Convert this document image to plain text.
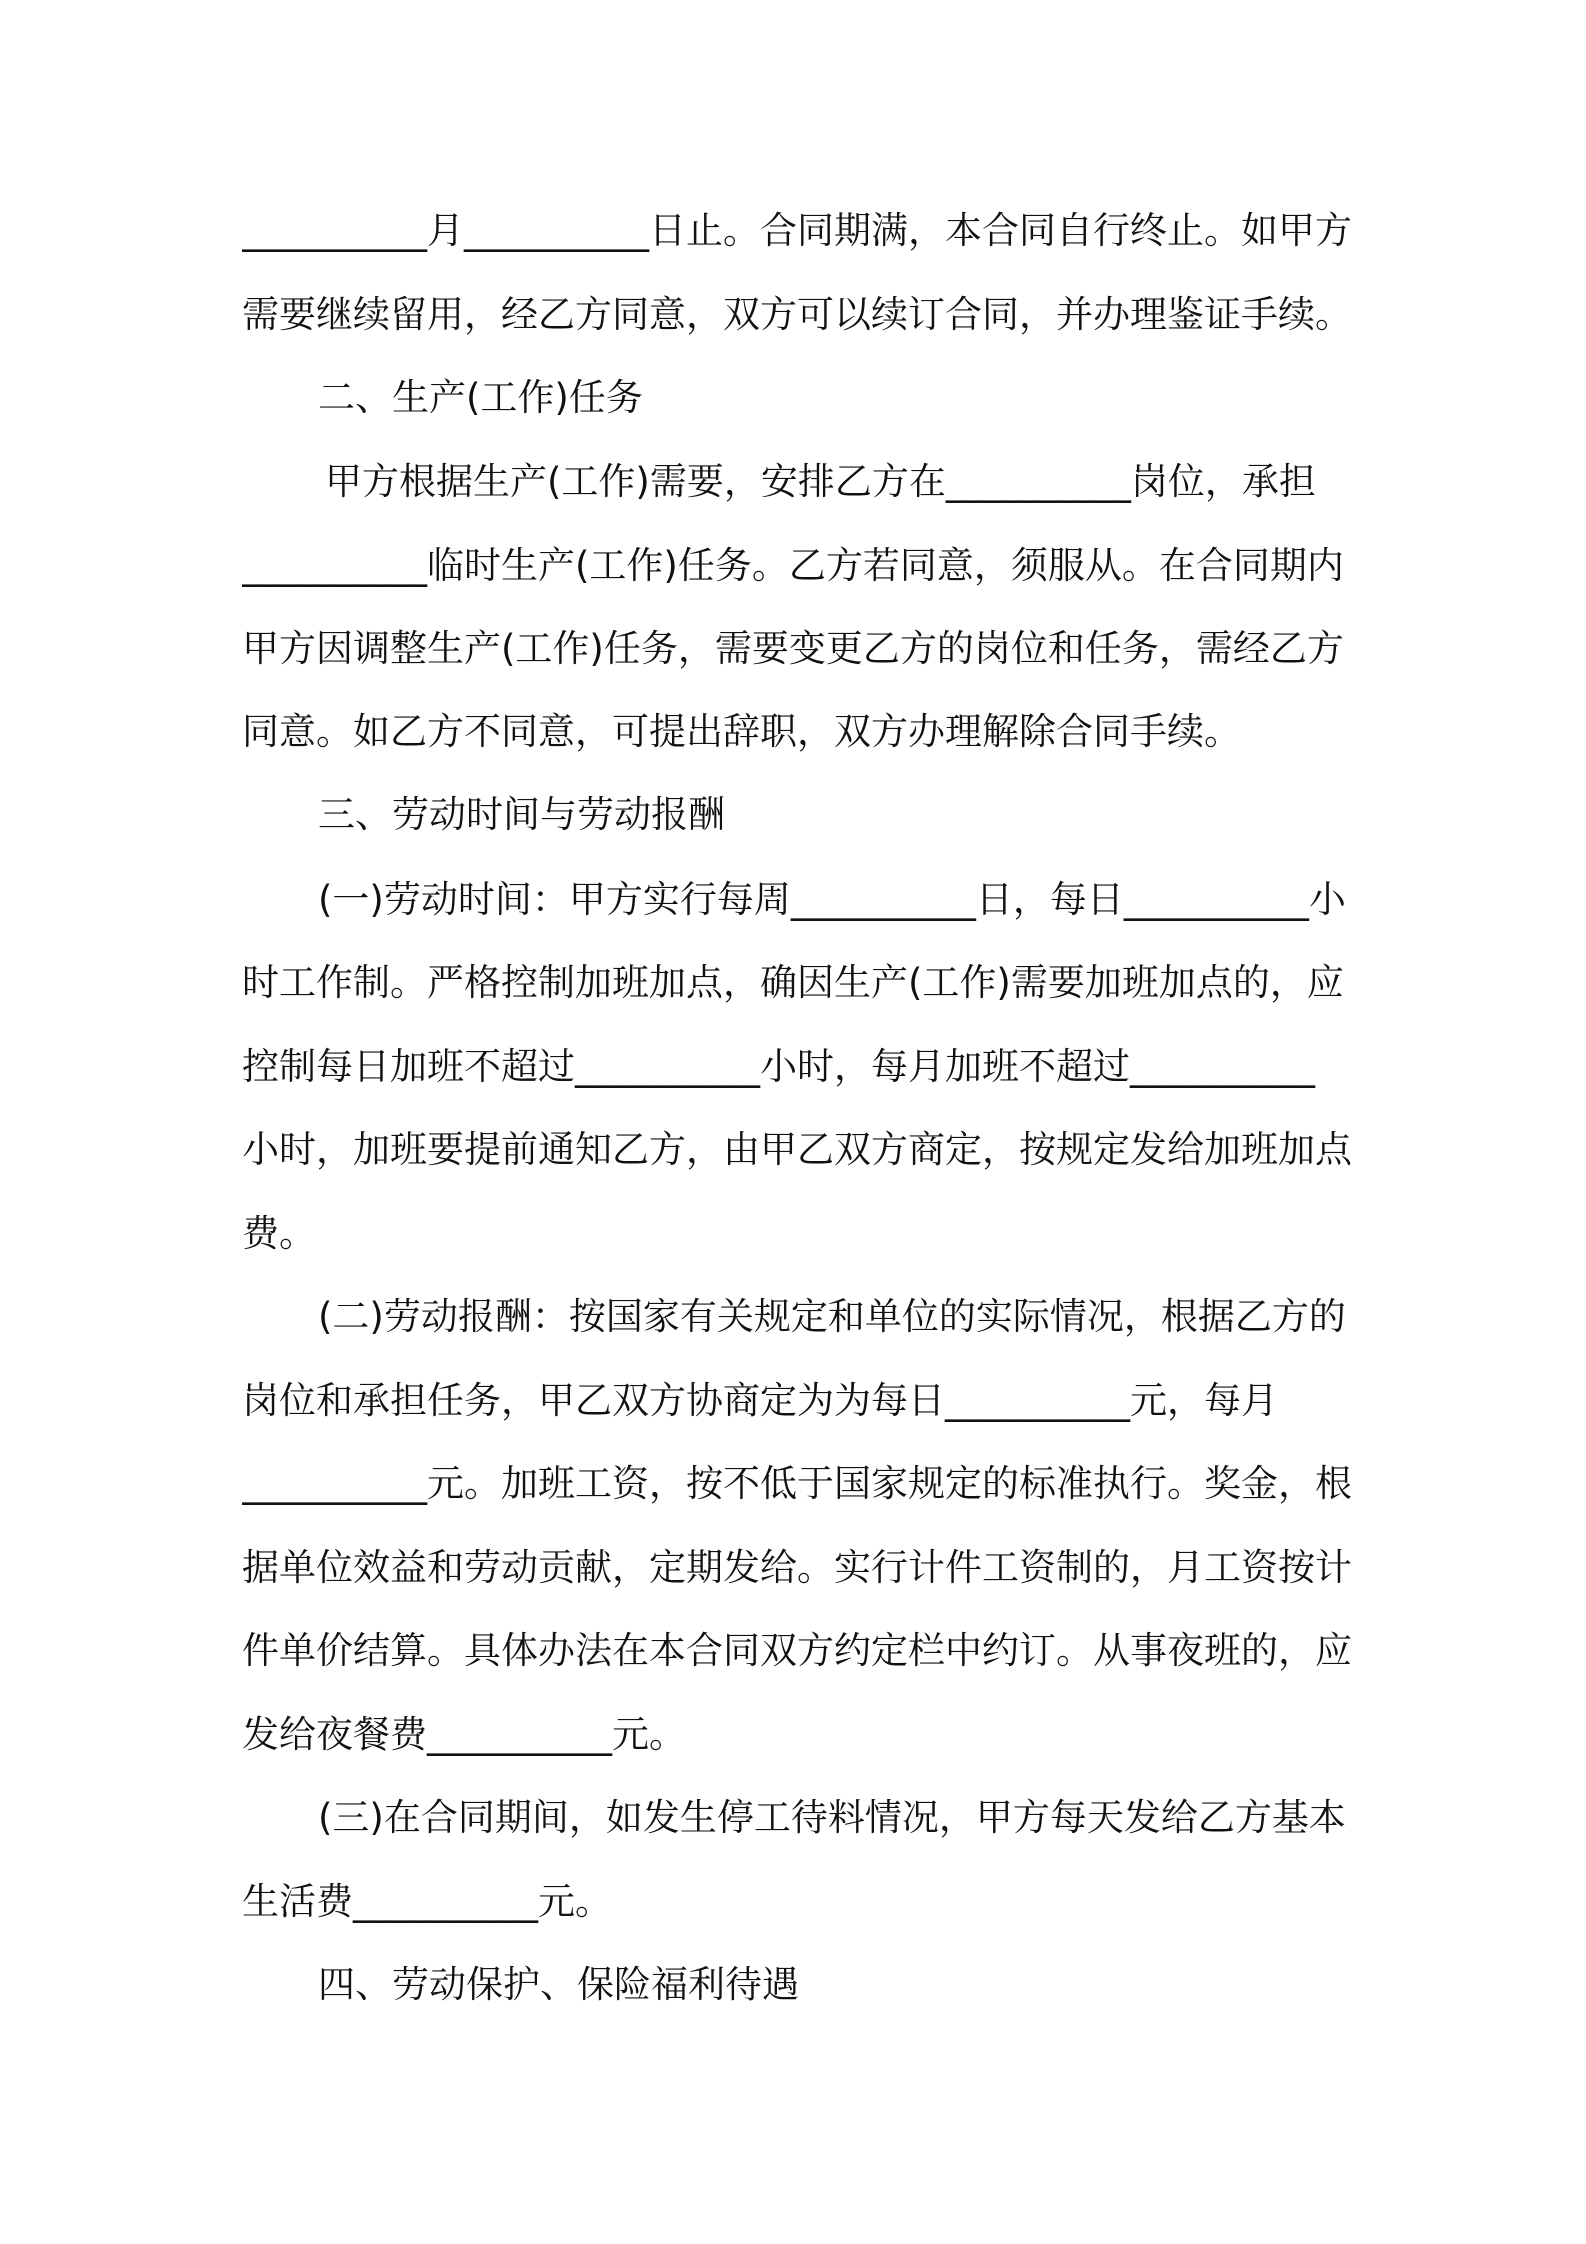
__________月__________日止。合同期满，本合同自行终止。如甲方
需要继续留用，经乙方同意，双方可以续订合同，并办理鉴证手续。
二、生产(工作)任务
甲方根据生产(工作)需要，安排乙方在__________岗位，承担
__________临时生产(工作)任务。乙方若同意，须服从。在合同期内
甲方因调整生产(工作)任务，需要变更乙方的岗位和任务，需经乙方
同意。如乙方不同意，可提出辞职，双方办理解除合同手续。
三、劳动时间与劳动报酬
(一)劳动时间：甲方实行每周__________日，每日__________小
时工作制。严格控制加班加点，确因生产(工作)需要加班加点的，应
控制每日加班不超过__________小时，每月加班不超过__________
小时，加班要提前通知乙方，由甲乙双方商定，按规定发给加班加点
费。
(二)劳动报酬：按国家有关规定和单位的实际情况，根据乙方的
岗位和承担任务，甲乙双方协商定为为每日__________元，每月
__________元。加班工资，按不低于国家规定的标准执行。奖金，根
据单位效益和劳动贡献，定期发给。实行计件工资制的，月工资按计
件单价结算。具体办法在本合同双方约定栏中约订。从事夜班的，应
发给夜餐费__________元。
(三)在合同期间，如发生停工待料情况，甲方每天发给乙方基本
生活费__________元。
四、劳动保护、保险福利待遇
